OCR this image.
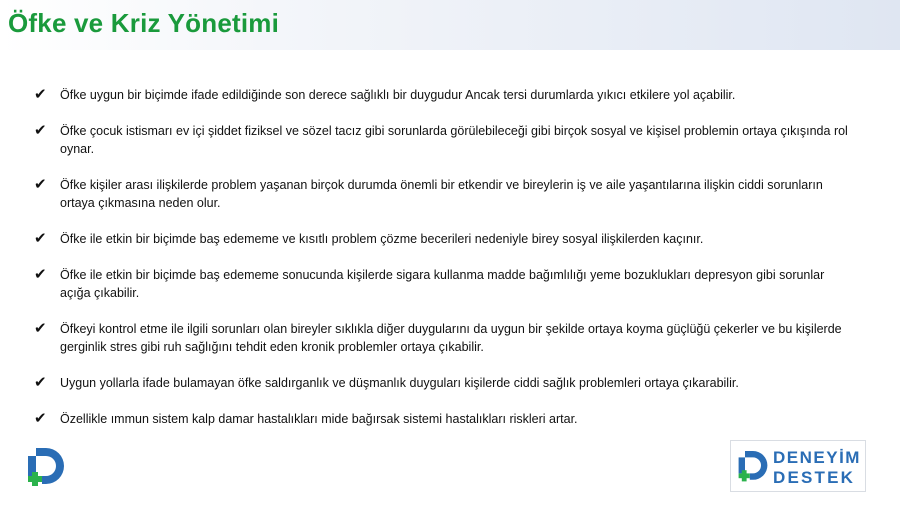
Öfke ve Kriz Yönetimi
✔ Öfke uygun bir biçimde ifade edildiğinde son derece sağlıklı bir duygudur Ancak tersi durumlarda yıkıcı etkilere yol açabilir.
✔ Öfke çocuk istismarı ev içi şiddet fiziksel ve sözel tacız gibi sorunlarda görülebileceği gibi birçok sosyal ve kişisel problemin ortaya çıkışında rol oynar.
✔ Öfke kişiler arası ilişkilerde problem yaşanan birçok durumda önemli bir etkendir ve bireylerin iş ve aile yaşantılarına ilişkin ciddi sorunların ortaya çıkmasına neden olur.
✔ Öfke ile etkin bir biçimde baş edememe ve kısıtlı problem çözme becerileri nedeniyle birey sosyal ilişkilerden kaçınır.
✔ Öfke ile etkin bir biçimde baş edememe sonucunda kişilerde sigara kullanma madde bağımlılığı yeme bozuklukları depresyon gibi sorunlar açığa çıkabilir.
✔ Öfkeyi kontrol etme ile ilgili sorunları olan bireyler sıklıkla diğer duygularını da uygun bir şekilde ortaya koyma güçlüğü çekerler ve bu kişilerde gerginlik stres gibi ruh sağlığını tehdit eden kronik problemler ortaya çıkabilir.
✔ Uygun yollarla ifade bulamayan öfke saldırganlık ve düşmanlık duyguları kişilerde ciddi sağlık problemleri ortaya çıkarabilir.
✔ Özellikle ımmun sistem kalp damar hastalıkları mide bağırsak sistemi hastalıkları riskleri artar.
DENEYİM
DESTEK
